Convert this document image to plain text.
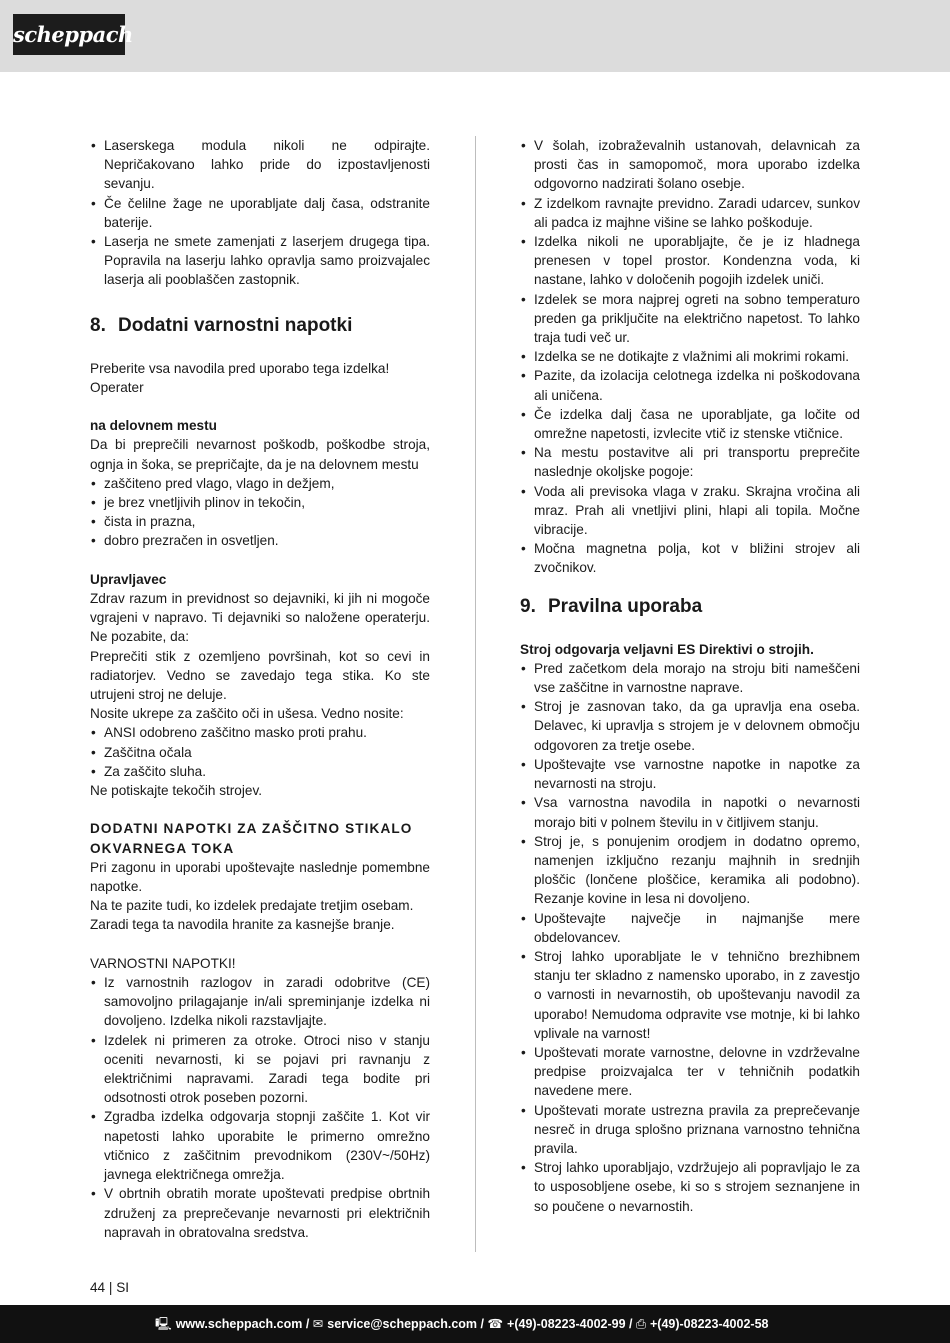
scheppach
• Laserskega modula nikoli ne odpirajte. Nepričakovano lahko pride do izpostavljenosti sevanju.
• Če čelilne žage ne uporabljate dalj časa, odstranite baterije.
• Laserja ne smete zamenjati z laserjem drugega tipa. Popravila na laserju lahko opravlja samo proizvajalec laserja ali pooblaščen zastopnik.
8. Dodatni varnostni napotki
Preberite vsa navodila pred uporabo tega izdelka!
Operater
na delovnem mestu
Da bi preprečili nevarnost poškodb, poškodbe stroja, ognja in šoka, se prepričajte, da je na delovnem mestu
• zaščiteno pred vlago, vlago in dežjem,
• je brez vnetljivih plinov in tekočin,
• čista in prazna,
• dobro prezračen in osvetljen.
Upravljavec
Zdrav razum in previdnost so dejavniki, ki jih ni mogoče vgrajeni v napravo. Ti dejavniki so naložene operaterju. Ne pozabite, da:
Preprečiti stik z ozemljeno površinah, kot so cevi in radiatorjev. Vedno se zavedajo tega stika. Ko ste utrujeni stroj ne deluje.
Nosite ukrepe za zaščito oči in ušesa. Vedno nosite:
• ANSI odobreno zaščitno masko proti prahu.
• Zaščitna očala
• Za zaščito sluha.
Ne potiskajte tekočih strojev.
DODATNI NAPOTKI ZA ZAŠČITNO STIKALO OKVARNEGA TOKA
Pri zagonu in uporabi upoštevajte naslednje pomembne napotke.
Na te pazite tudi, ko izdelek predajate tretjim osebam.
Zaradi tega ta navodila hranite za kasnejše branje.
VARNOSTNI NAPOTKI!
• Iz varnostnih razlogov in zaradi odobritve (CE) samovoljno prilagajanje in/ali spreminjanje izdelka ni dovoljeno. Izdelka nikoli razstavljajte.
• Izdelek ni primeren za otroke. Otroci niso v stanju oceniti nevarnosti, ki se pojavi pri ravnanju z električnimi napravami. Zaradi tega bodite pri odsotnosti otrok poseben pozorni.
• Zgradba izdelka odgovarja stopnji zaščite 1. Kot vir napetosti lahko uporabite le primerno omrežno vtičnico z zaščitnim prevodnikom (230V~/50Hz) javnega električnega omrežja.
• V obrtnih obratih morate upoštevati predpise obrtnih združenj za preprečevanje nevarnosti pri električnih napravah in obratovalna sredstva.
• V šolah, izobraževalnih ustanovah, delavnicah za prosti čas in samopomoč, mora uporabo izdelka odgovorno nadzirati šolano osebje.
• Z izdelkom ravnajte previdno. Zaradi udarcev, sunkov ali padca iz majhne višine se lahko poškoduje.
• Izdelka nikoli ne uporabljajte, če je iz hladnega prenesen v topel prostor. Kondenzna voda, ki nastane, lahko v določenih pogojih izdelek uniči.
• Izdelek se mora najprej ogreti na sobno temperaturo preden ga priključite na električno napetost. To lahko traja tudi več ur.
• Izdelka se ne dotikajte z vlažnimi ali mokrimi rokami.
• Pazite, da izolacija celotnega izdelka ni poškodovana ali uničena.
• Če izdelka dalj časa ne uporabljate, ga ločite od omrežne napetosti, izvlecite vtič iz stenske vtičnice.
• Na mestu postavitve ali pri transportu preprečite naslednje okoljske pogoje:
• Voda ali previsoka vlaga v zraku. Skrajna vročina ali mraz. Prah ali vnetljivi plini, hlapi ali topila. Močne vibracije.
• Močna magnetna polja, kot v bližini strojev ali zvočnikov.
9. Pravilna uporaba
Stroj odgovarja veljavni ES Direktivi o strojih.
• Pred začetkom dela morajo na stroju biti nameščeni vse zaščitne in varnostne naprave.
• Stroj je zasnovan tako, da ga upravlja ena oseba. Delavec, ki upravlja s strojem je v delovnem območju odgovoren za tretje osebe.
• Upoštevajte vse varnostne napotke in napotke za nevarnosti na stroju.
• Vsa varnostna navodila in napotki o nevarnosti morajo biti v polnem številu in v čitljivem stanju.
• Stroj je, s ponujenim orodjem in dodatno opremo, namenjen izključno rezanju majhnih in srednjih ploščic (lončene ploščice, keramika ali podobno). Rezanje kovine in lesa ni dovoljeno.
• Upoštevajte največje in najmanjše mere obdelovancev.
• Stroj lahko uporabljate le v tehnično brezhibnem stanju ter skladno z namensko uporabo, in z zavestjo o varnosti in nevarnostih, ob upoštevanju navodil za uporabo! Nemudoma odpravite vse motnje, ki bi lahko vplivale na varnost!
• Upoštevati morate varnostne, delovne in vzdrževalne predpise proizvajalca ter v tehničnih podatkih navedene mere.
• Upoštevati morate ustrezna pravila za preprečevanje nesreč in druga splošno priznana varnostno tehnična pravila.
• Stroj lahko uporabljajo, vzdržujejo ali popravljajo le za to usposobljene osebe, ki so s strojem seznanjene in so poučene o nevarnostih.
44 | SI
🖳 www.scheppach.com / ✉ service@scheppach.com / ☎ +(49)-08223-4002-99 / ⎙ +(49)-08223-4002-58
